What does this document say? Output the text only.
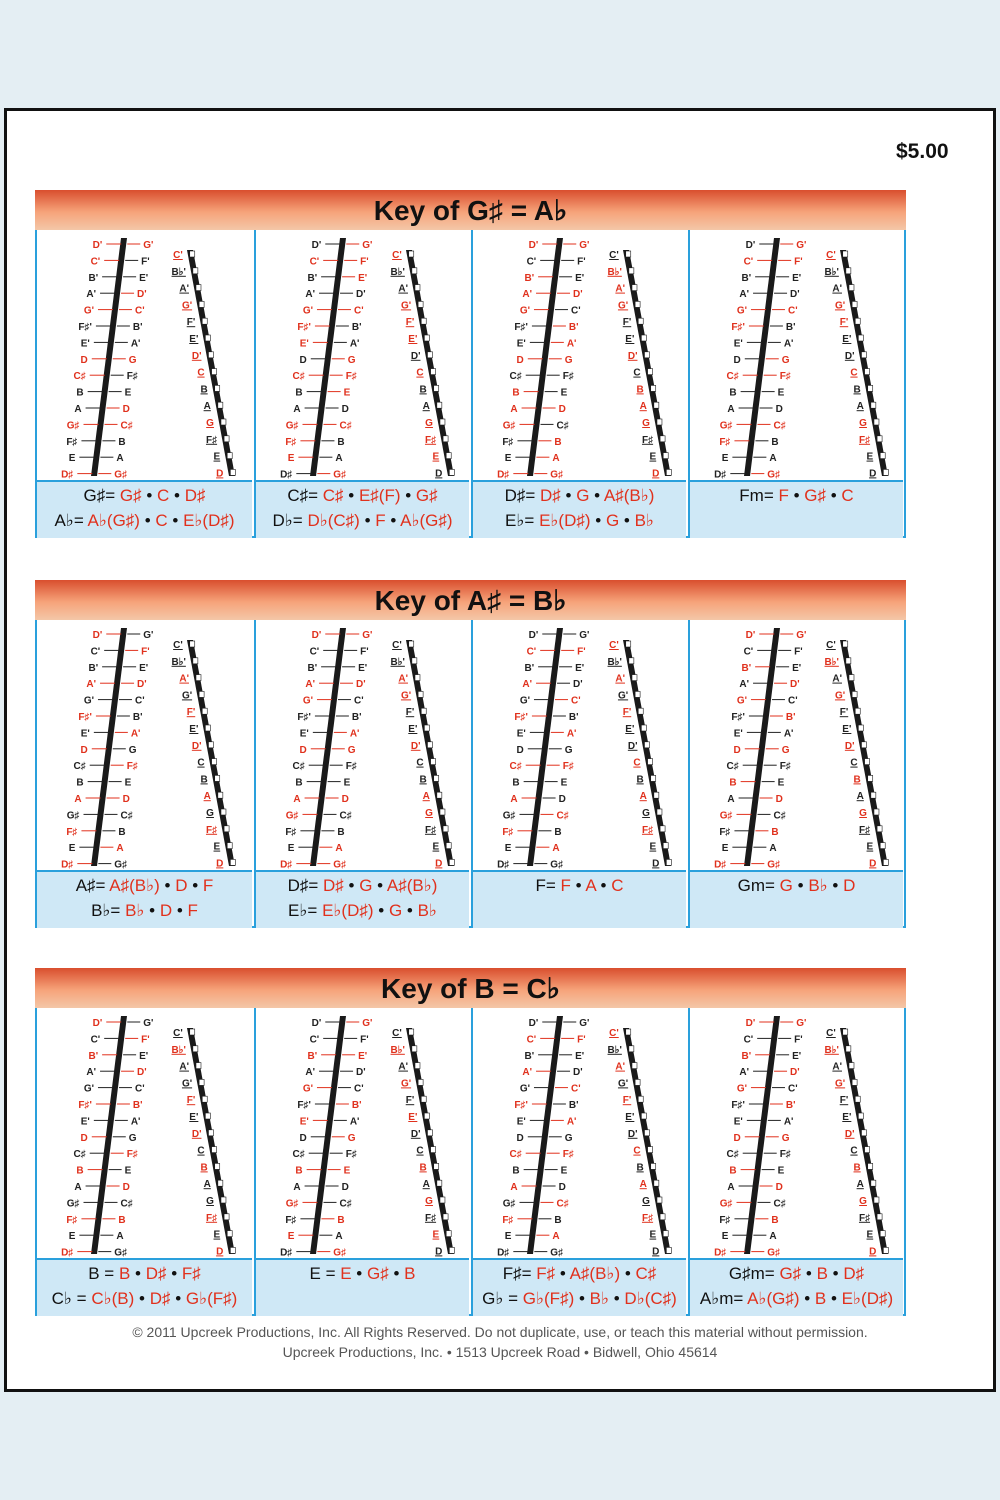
$5.00
Key of G♯ = A♭
D'	G'
C'	F'
B'	E'
A'	D'
G'	C'
F♯'	B'
E'	A'
D	G
C♯	F♯
B	E
A	D
G♯	C♯
F♯	B
E	A
D♯	G♯
C'
B♭'
A'
G'
F'
E'
D'
C
B
A
G
F♯
E
D
G♯= G♯ • C • D♯
A♭= A♭(G♯) • C • E♭(D♯)
D'	G'
C'	F'
B'	E'
A'	D'
G'	C'
F♯'	B'
E'	A'
D	G
C♯	F♯
B	E
A	D
G♯	C♯
F♯	B
E	A
D♯	G♯
C'
B♭'
A'
G'
F'
E'
D'
C
B
A
G
F♯
E
D
C♯= C♯ • E♯(F) • G♯
D♭= D♭(C♯) • F • A♭(G♯)
D'	G'
C'	F'
B'	E'
A'	D'
G'	C'
F♯'	B'
E'	A'
D	G
C♯	F♯
B	E
A	D
G♯	C♯
F♯	B
E	A
D♯	G♯
C'
B♭'
A'
G'
F'
E'
D'
C
B
A
G
F♯
E
D
D♯= D♯ • G • A♯(B♭)
E♭= E♭(D♯) • G • B♭
D'	G'
C'	F'
B'	E'
A'	D'
G'	C'
F♯'	B'
E'	A'
D	G
C♯	F♯
B	E
A	D
G♯	C♯
F♯	B
E	A
D♯	G♯
C'
B♭'
A'
G'
F'
E'
D'
C
B
A
G
F♯
E
D
Fm= F • G♯ • C
Key of A♯ = B♭
D'	G'
C'	F'
B'	E'
A'	D'
G'	C'
F♯'	B'
E'	A'
D	G
C♯	F♯
B	E
A	D
G♯	C♯
F♯	B
E	A
D♯	G♯
C'
B♭'
A'
G'
F'
E'
D'
C
B
A
G
F♯
E
D
A♯= A♯(B♭) • D • F
B♭= B♭ • D • F
D'	G'
C'	F'
B'	E'
A'	D'
G'	C'
F♯'	B'
E'	A'
D	G
C♯	F♯
B	E
A	D
G♯	C♯
F♯	B
E	A
D♯	G♯
C'
B♭'
A'
G'
F'
E'
D'
C
B
A
G
F♯
E
D
D♯= D♯ • G • A♯(B♭)
E♭= E♭(D♯) • G • B♭
D'	G'
C'	F'
B'	E'
A'	D'
G'	C'
F♯'	B'
E'	A'
D	G
C♯	F♯
B	E
A	D
G♯	C♯
F♯	B
E	A
D♯	G♯
C'
B♭'
A'
G'
F'
E'
D'
C
B
A
G
F♯
E
D
F= F • A • C
D'	G'
C'	F'
B'	E'
A'	D'
G'	C'
F♯'	B'
E'	A'
D	G
C♯	F♯
B	E
A	D
G♯	C♯
F♯	B
E	A
D♯	G♯
C'
B♭'
A'
G'
F'
E'
D'
C
B
A
G
F♯
E
D
Gm= G • B♭ • D
Key of B = C♭
D'	G'
C'	F'
B'	E'
A'	D'
G'	C'
F♯'	B'
E'	A'
D	G
C♯	F♯
B	E
A	D
G♯	C♯
F♯	B
E	A
D♯	G♯
C'
B♭'
A'
G'
F'
E'
D'
C
B
A
G
F♯
E
D
B = B • D♯ • F♯
C♭ = C♭(B) • D♯ • G♭(F♯)
D'	G'
C'	F'
B'	E'
A'	D'
G'	C'
F♯'	B'
E'	A'
D	G
C♯	F♯
B	E
A	D
G♯	C♯
F♯	B
E	A
D♯	G♯
C'
B♭'
A'
G'
F'
E'
D'
C
B
A
G
F♯
E
D
E = E • G♯ • B
D'	G'
C'	F'
B'	E'
A'	D'
G'	C'
F♯'	B'
E'	A'
D	G
C♯	F♯
B	E
A	D
G♯	C♯
F♯	B
E	A
D♯	G♯
C'
B♭'
A'
G'
F'
E'
D'
C
B
A
G
F♯
E
D
F♯= F♯ • A♯(B♭) • C♯
G♭ = G♭(F♯) • B♭ • D♭(C♯)
D'	G'
C'	F'
B'	E'
A'	D'
G'	C'
F♯'	B'
E'	A'
D	G
C♯	F♯
B	E
A	D
G♯	C♯
F♯	B
E	A
D♯	G♯
C'
B♭'
A'
G'
F'
E'
D'
C
B
A
G
F♯
E
D
G♯m= G♯ • B • D♯
A♭m= A♭(G♯) • B • E♭(D♯)
© 2011 Upcreek Productions, Inc. All Rights Reserved. Do not duplicate, use, or teach this material without permission.
Upcreek Productions, Inc. • 1513 Upcreek Road • Bidwell, Ohio 45614
